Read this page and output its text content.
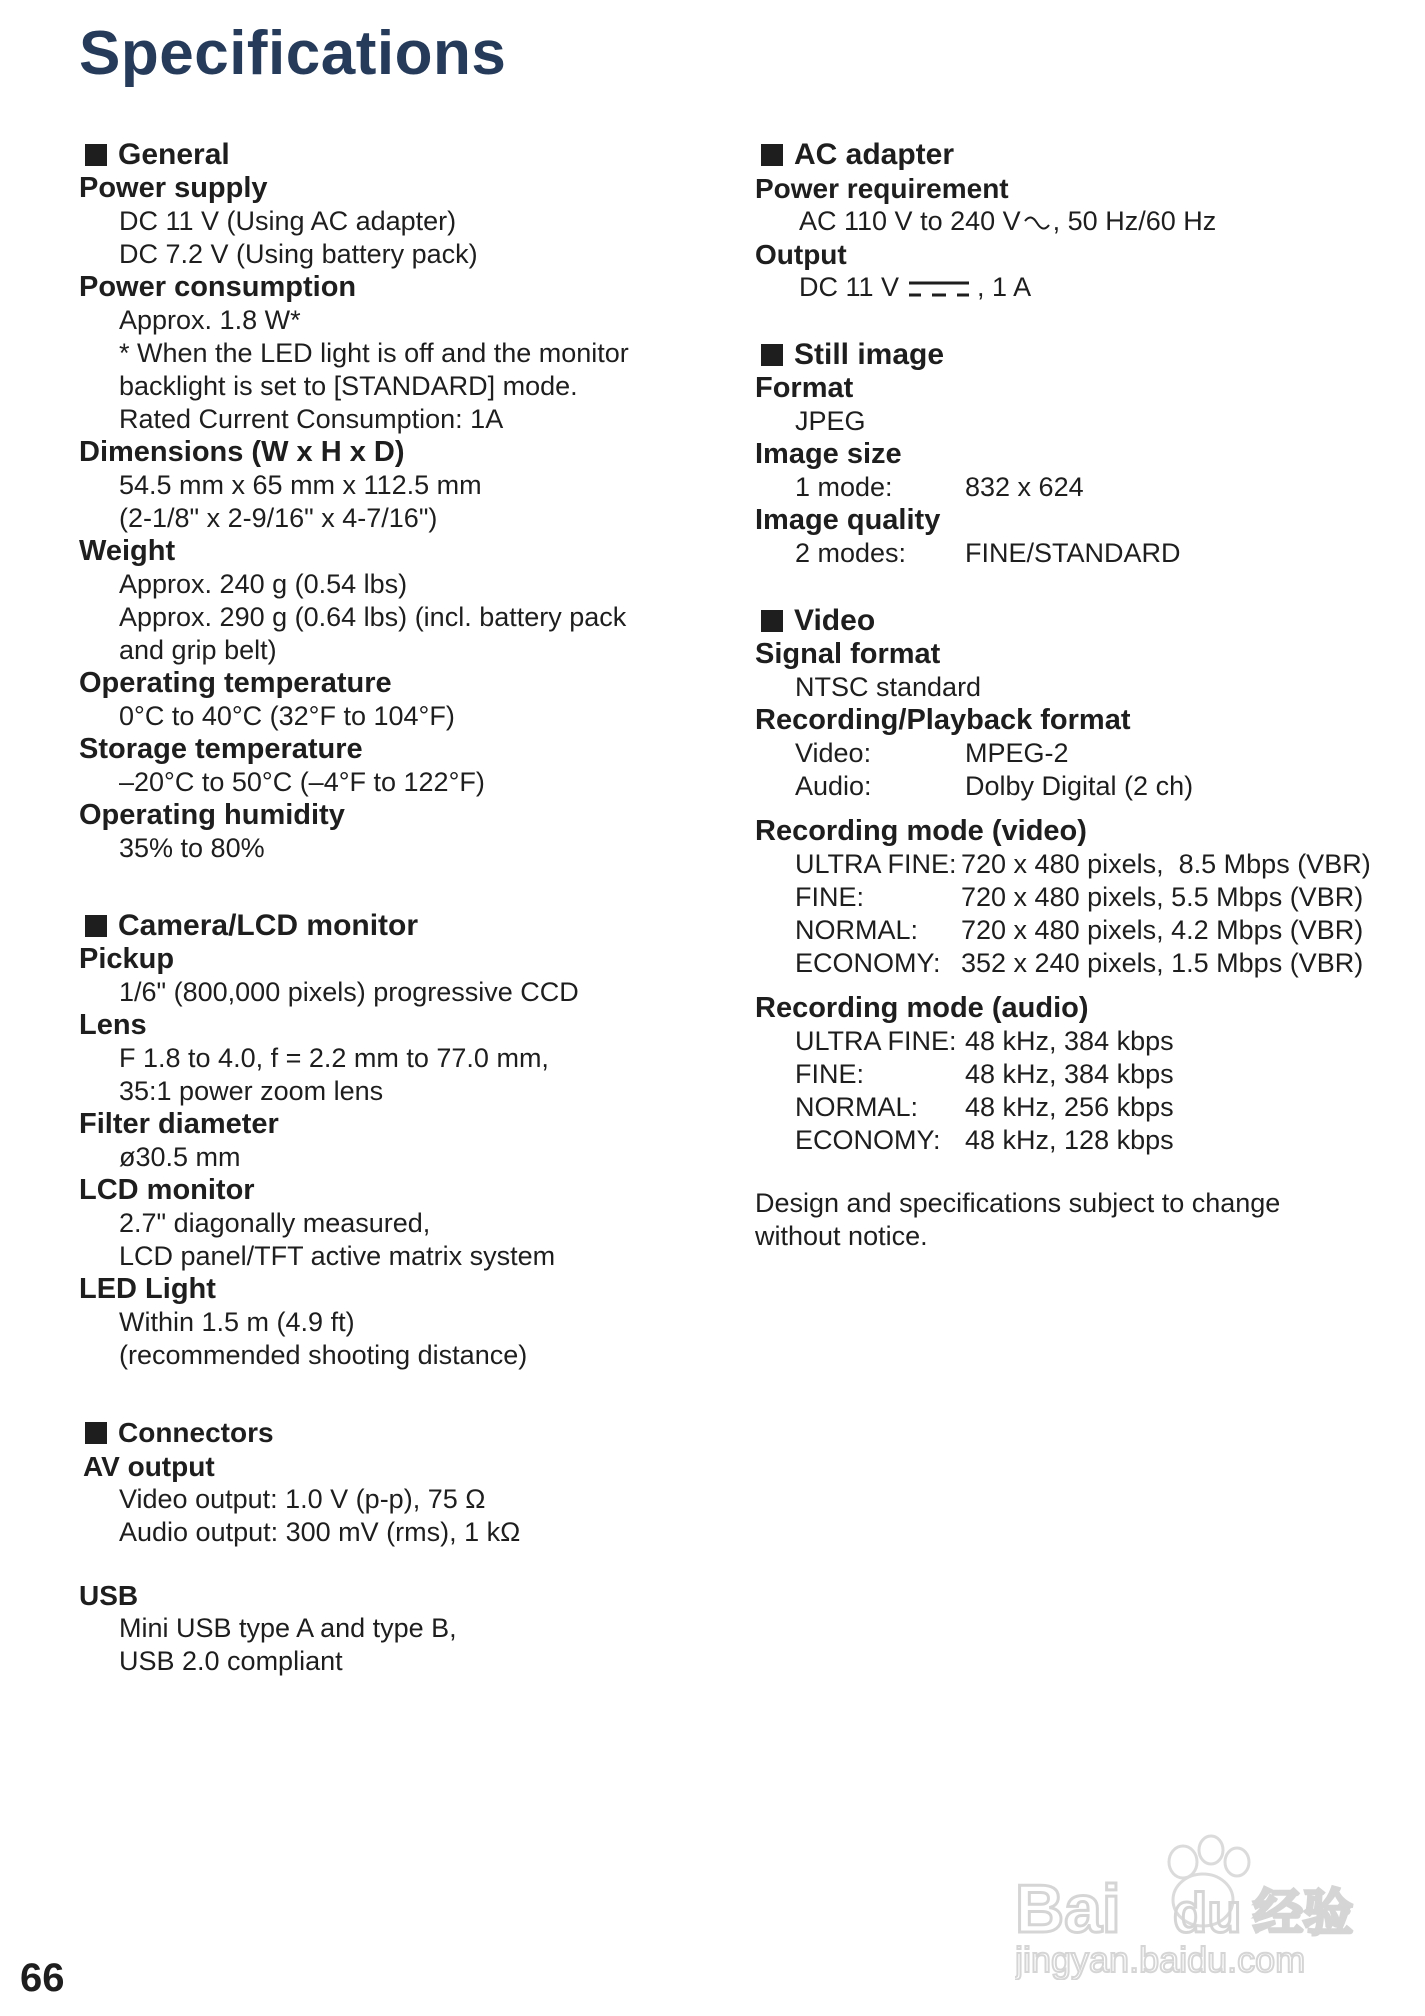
Specifications
General
Power supply
DC 11 V (Using AC adapter)
DC 7.2 V (Using battery pack)
Power consumption
Approx. 1.8 W*
* When the LED light is off and the monitor
backlight is set to [STANDARD] mode.
Rated Current Consumption: 1A
Dimensions (W x H x D)
54.5 mm x 65 mm x 112.5 mm
(2-1/8" x 2-9/16" x 4-7/16")
Weight
Approx. 240 g (0.54 lbs)
Approx. 290 g (0.64 lbs) (incl. battery pack
and grip belt)
Operating temperature
0°C to 40°C (32°F to 104°F)
Storage temperature
–20°C to 50°C (–4°F to 122°F)
Operating humidity
35% to 80%
Camera/LCD monitor
Pickup
1/6" (800,000 pixels) progressive CCD
Lens
F 1.8 to 4.0, f = 2.2 mm to 77.0 mm,
35:1 power zoom lens
Filter diameter
ø30.5 mm
LCD monitor
2.7" diagonally measured,
LCD panel/TFT active matrix system
LED Light
Within 1.5 m (4.9 ft)
(recommended shooting distance)
Connectors
AV output
Video output: 1.0 V (p-p), 75 Ω
Audio output: 300 mV (rms), 1 kΩ
USB
Mini USB type A and type B,
USB 2.0 compliant
AC adapter
Power requirement
AC 110 V to 240 V , 50 Hz/60 Hz
Output
DC 11 V	, 1 A
Still image
Format
JPEG
Image size
1 mode:	832 x 624
Image quality
2 modes:	FINE/STANDARD
Video
Signal format
NTSC standard
Recording/Playback format
Video:	MPEG-2
Audio:	Dolby Digital (2 ch)
Recording mode (video)
ULTRA FINE: 720 x 480 pixels,  8.5 Mbps (VBR)
FINE:	720 x 480 pixels, 5.5 Mbps (VBR)
NORMAL:	720 x 480 pixels, 4.2 Mbps (VBR)
ECONOMY: 352 x 240 pixels, 1.5 Mbps (VBR)
Recording mode (audio)
ULTRA FINE: 48 kHz, 384 kbps
FINE:	48 kHz, 384 kbps
NORMAL:	48 kHz, 256 kbps
ECONOMY: 48 kHz, 128 kbps
Design and specifications subject to change
without notice.
66
Bai du 经验
jingyan.baidu.com
